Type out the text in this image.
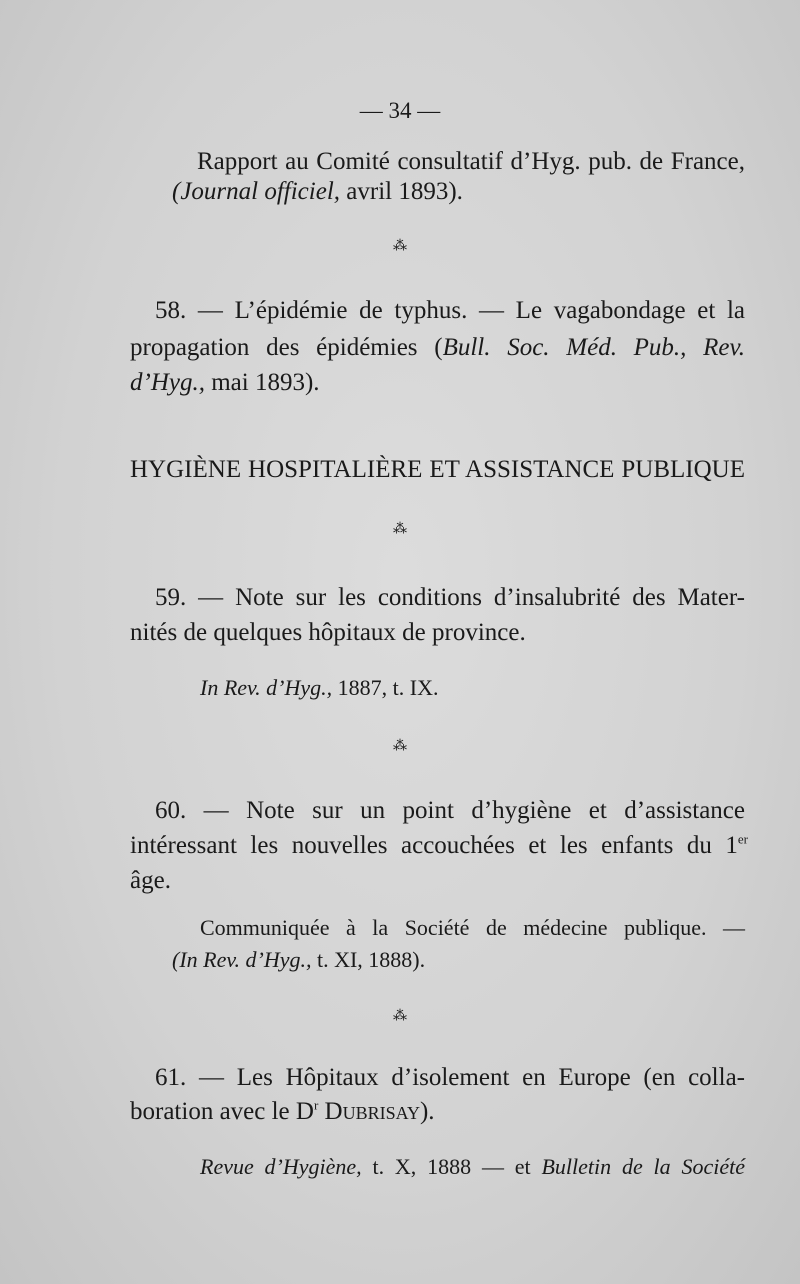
— 34 —
Rapport au Comité consultatif d’Hyg. pub. de France,
(Journal officiel, avril 1893).
⁂
58. — L’épidémie de typhus. — Le vagabondage et la
propagation des épidémies (Bull. Soc. Méd. Pub., Rev.
d’Hyg., mai 1893).
HYGIÈNE HOSPITALIÈRE ET ASSISTANCE PUBLIQUE
⁂
59. — Note sur les conditions d’insalubrité des Mater-
nités de quelques hôpitaux de province.
In Rev. d’Hyg., 1887, t. IX.
⁂
60. — Note sur un point d’hygiène et d’assistance
intéressant les nouvelles accouchées et les enfants du 1er
âge.
Communiquée à la Société de médecine publique. —
(In Rev. d’Hyg., t. XI, 1888).
⁂
61. — Les Hôpitaux d’isolement en Europe (en colla-
boration avec le $D^r$ Dubrisay).
Revue d’Hygiène, t. X, 1888 — et Bulletin de la Société
